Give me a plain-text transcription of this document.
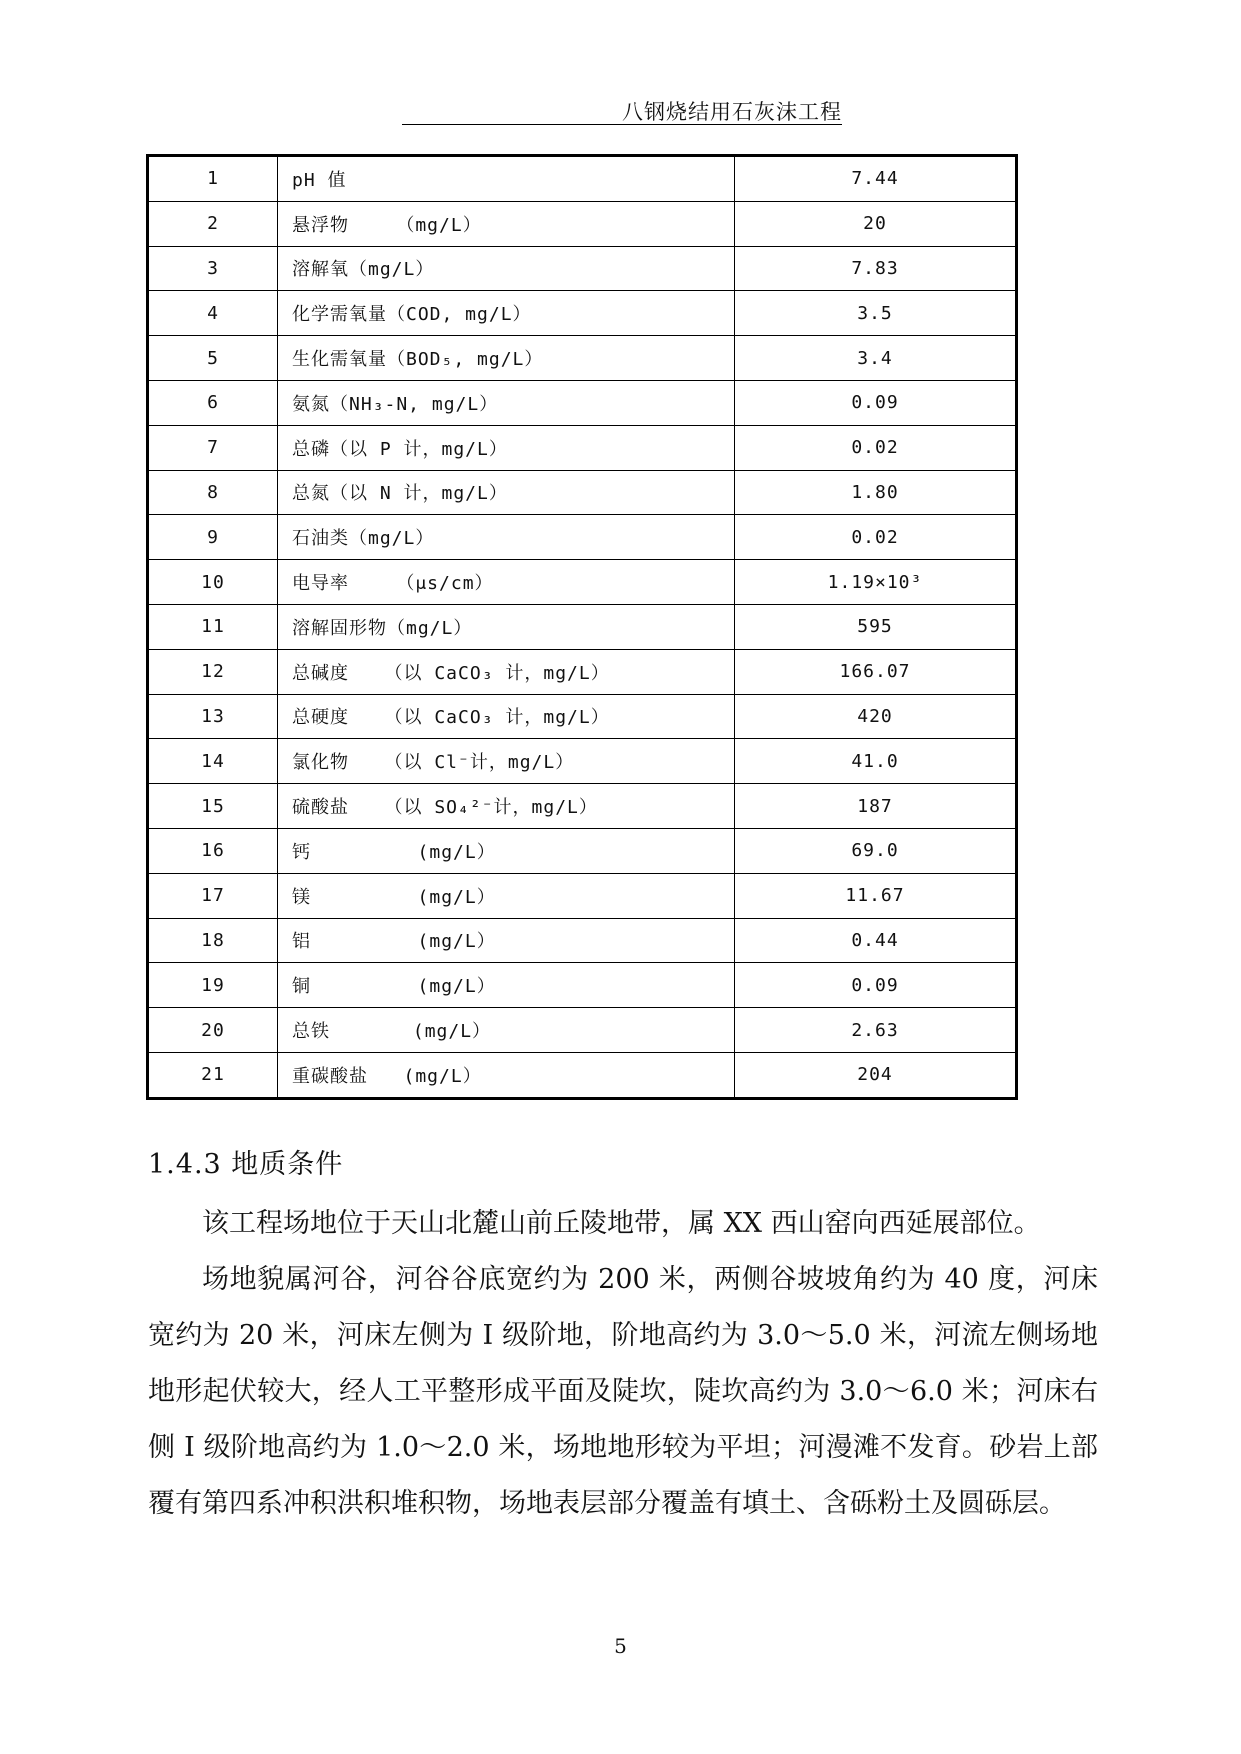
八钢烧结用石灰沫工程
1	pH 值	7.44
2	悬浮物    （mg/L）	20
3	溶解氧（mg/L）	7.83
4	化学需氧量（COD, mg/L）	3.5
5	生化需氧量（BOD₅, mg/L）	3.4
6	氨氮（NH₃-N, mg/L）	0.09
7	总磷（以 P 计，mg/L）	0.02
8	总氮（以 N 计，mg/L）	1.80
9	石油类（mg/L）	0.02
10	电导率    （μs/cm）	1.19×10³
11	溶解固形物（mg/L）	595
12	总碱度   （以 CaCO₃ 计，mg/L）	166.07
13	总硬度   （以 CaCO₃ 计，mg/L）	420
14	氯化物   （以 Cl⁻计，mg/L）	41.0
15	硫酸盐   （以 SO₄²⁻计，mg/L）	187
16	钙         (mg/L）	69.0
17	镁         (mg/L）	11.67
18	铝         (mg/L）	0.44
19	铜         (mg/L）	0.09
20	总铁       (mg/L）	2.63
21	重碳酸盐   (mg/L）	204
1.4.3 地质条件

该工程场地位于天山北麓山前丘陵地带，属 XX 西山窑向西延展部位。

场地貌属河谷，河谷谷底宽约为 200 米，两侧谷坡坡角约为 40 度，河床宽约为 20 米，河床左侧为 I 级阶地，阶地高约为 3.0～5.0 米，河流左侧场地地形起伏较大，经人工平整形成平面及陡坎，陡坎高约为 3.0～6.0 米；河床右侧 I 级阶地高约为 1.0～2.0 米，场地地形较为平坦；河漫滩不发育。砂岩上部覆有第四系冲积洪积堆积物，场地表层部分覆盖有填土、含砾粉土及圆砾层。

5
